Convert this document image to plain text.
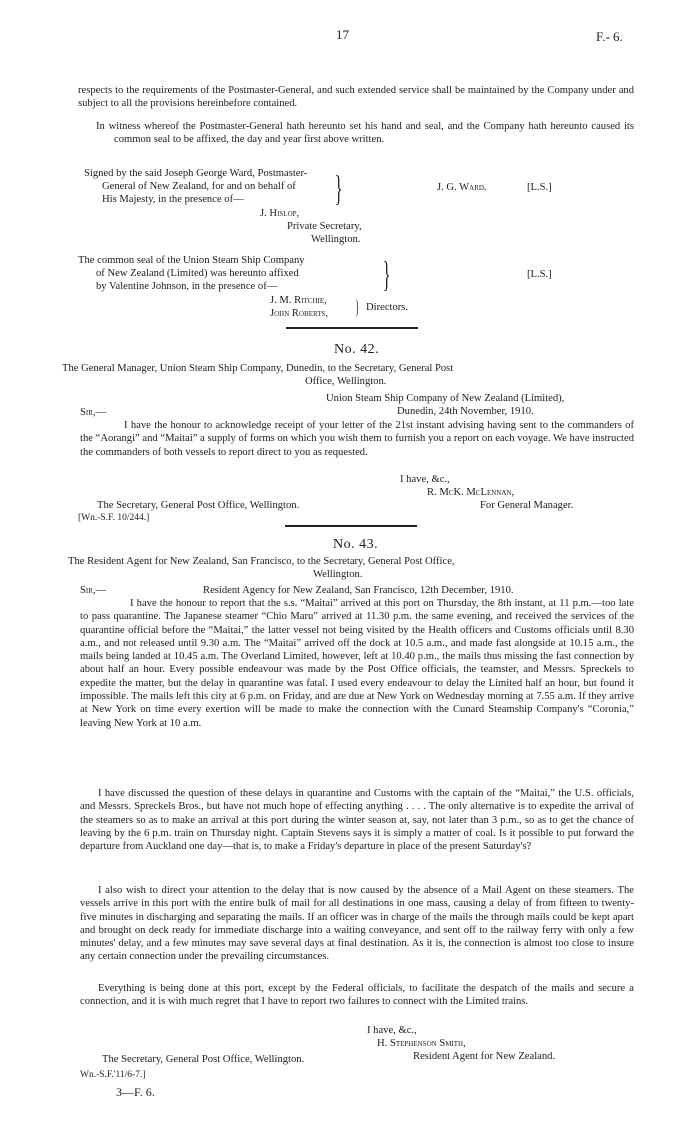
17	F.- 6.

respects to the requirements of the Postmaster-General, and such extended service shall be maintained by the Company under and subject to all the provisions hereinbefore contained.

In witness whereof the Postmaster-General hath hereunto set his hand and seal, and the Company hath hereunto caused its common seal to be affixed, the day and year first above written.

Signed by the said Joseph George Ward, Postmaster-
General of New Zealand, for and on behalf of
His Majesty, in the presence of—	}	J. G. Ward.	[L.S.]
J. Hislop,
Private Secretary,
Wellington.
The common seal of the Union Steam Ship Company
of New Zealand (Limited) was hereunto affixed
by Valentine Johnson, in the presence of—	}	[L.S.]
J. M. Ritchie,
John Roberts, } Directors.
No. 42.
The General Manager, Union Steam Ship Company, Dunedin, to the Secretary, General Post
Office, Wellington.
Union Steam Ship Company of New Zealand (Limited),
Dunedin, 24th November, 1910.
Sir,—

I have the honour to acknowledge receipt of your letter of the 21st instant advising having sent to the commanders of the “Aorangi” and “Maitai” a supply of forms on which you wish them to furnish you a report on each voyage. We have instructed the commanders of both vessels to report direct to you as requested.

I have, &c.,
R. McK. McLennan,
The Secretary, General Post Office, Wellington.	For General Manager.
[Wn.-S.F. 10/244.]
No. 43.
The Resident Agent for New Zealand, San Francisco, to the Secretary, General Post Office,
Wellington.
Sir,—	Resident Agency for New Zealand, San Francisco, 12th December, 1910.

I have the honour to report that the s.s. “Maitai” arrived at this port on Thursday, the 8th instant, at 11 p.m.—too late to pass quarantine. The Japanese steamer “Chio Maru” arrived at 11.30 p.m. the same evening, and received the services of the quarantine official before the “Maitai,” the latter vessel not being visited by the Health officers and Customs officials until 8.30 a.m., and not released until 9.30 a.m. The “Maitai” arrived off the dock at 10.5 a.m., and made fast alongside at 10.15 a.m., the mails being landed at 10.45 a.m. The Overland Limited, however, left at 10.40 p.m., the mails thus missing the fast connection by about half an hour. Every possible endeavour was made by the Post Office officials, the teamster, and Messrs. Spreckels to expedite the matter, but the delay in quarantine was fatal. I used every endeavour to delay the Limited half an hour, but found it impossible. The mails left this city at 6 p.m. on Friday, and are due at New York on Wednesday morning at 7.55 a.m. If they arrive at New York on time every exertion will be made to make the connection with the Cunard Steamship Company's “Coronia,” leaving New York at 10 a.m.

I have discussed the question of these delays in quarantine and Customs with the captain of the “Maitai,” the U.S. officials, and Messrs. Spreckels Bros., but have not much hope of effecting anything . . . . The only alternative is to expedite the arrival of the steamers so as to make an arrival at this port during the winter season at, say, not later than 3 p.m., so as to get the chance of leaving by the 6 p.m. train on Thursday night. Captain Stevens says it is simply a matter of coal. Is it possible to put forward the departure from Auckland one day—that is, to make a Friday's departure in place of the present Saturday's?

I also wish to direct your attention to the delay that is now caused by the absence of a Mail Agent on these steamers. The vessels arrive in this port with the entire bulk of mail for all destinations in one mass, causing a delay of from fifteen to twenty-five minutes in discharging and separating the mails. If an officer was in charge of the mails the through mails could be kept apart and brought on deck ready for immediate discharge into a waiting conveyance, and sent off to the railway ferry with only a few minutes' delay, and a few minutes may save several days at final destination. As it is, the connection is almost too close to insure any certain connection under the prevailing circumstances.

Everything is being done at this port, except by the Federal officials, to facilitate the despatch of the mails and secure a connection, and it is with much regret that I have to report two failures to connect with the Limited trains.

I have, &c.,
H. Stephenson Smith,
The Secretary, General Post Office, Wellington.	Resident Agent for New Zealand.
Wn.-S.F.'11/6-7.]
3—F. 6.
